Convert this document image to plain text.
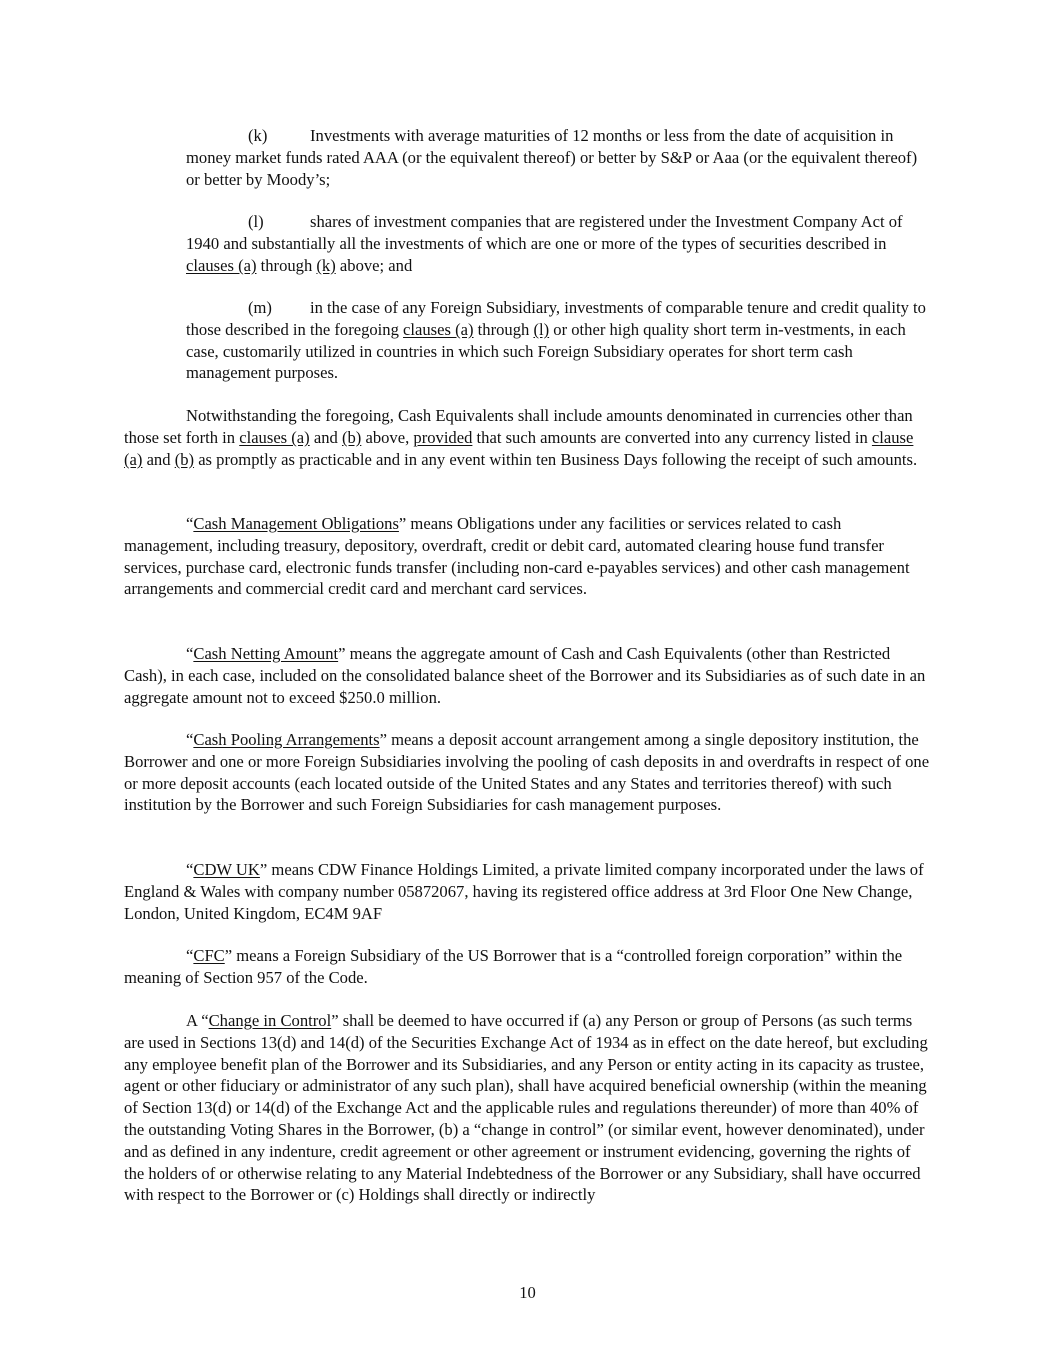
(k)	Investments with average maturities of 12 months or less from the date of acquisition in money market funds rated AAA (or the equivalent thereof) or better by S&P or Aaa (or the equivalent thereof) or better by Moody’s;

(l)	shares of investment companies that are registered under the Investment Company Act of 1940 and substantially all the investments of which are one or more of the types of securities described in clauses (a) through (k) above; and

(m) in the case of any Foreign Subsidiary, investments of comparable tenure and credit quality to those described in the foregoing clauses (a) through (l) or other high quality short term in-vestments, in each case, customarily utilized in countries in which such Foreign Subsidiary operates for short term cash management purposes.

Notwithstanding the foregoing, Cash Equivalents shall include amounts denominated in currencies other than those set forth in clauses (a) and (b) above, provided that such amounts are converted into any currency listed in clause (a) and (b) as promptly as practicable and in any event within ten Business Days following the receipt of such amounts.

“Cash Management Obligations” means Obligations under any facilities or services related to cash management, including treasury, depository, overdraft, credit or debit card, automated clearing house fund transfer services, purchase card, electronic funds transfer (including non-card e-payables services) and other cash management arrangements and commercial credit card and merchant card services.

“Cash Netting Amount” means the aggregate amount of Cash and Cash Equivalents (other than Restricted Cash), in each case, included on the consolidated balance sheet of the Borrower and its Subsidiaries as of such date in an aggregate amount not to exceed $250.0 million.

“Cash Pooling Arrangements” means a deposit account arrangement among a single depository institution, the Borrower and one or more Foreign Subsidiaries involving the pooling of cash deposits in and overdrafts in respect of one or more deposit accounts (each located outside of the United States and any States and territories thereof) with such institution by the Borrower and such Foreign Subsidiaries for cash management purposes.

“CDW UK” means CDW Finance Holdings Limited, a private limited company incorporated under the laws of England & Wales with company number 05872067, having its registered office address at 3rd Floor One New Change, London, United Kingdom, EC4M 9AF

“CFC” means a Foreign Subsidiary of the US Borrower that is a “controlled foreign corporation” within the meaning of Section 957 of the Code.

A “Change in Control” shall be deemed to have occurred if (a) any Person or group of Persons (as such terms are used in Sections 13(d) and 14(d) of the Securities Exchange Act of 1934 as in effect on the date hereof, but excluding any employee benefit plan of the Borrower and its Subsidiaries, and any Person or entity acting in its capacity as trustee, agent or other fiduciary or administrator of any such plan), shall have acquired beneficial ownership (within the meaning of Section 13(d) or 14(d) of the Exchange Act and the applicable rules and regulations thereunder) of more than 40% of the outstanding Voting Shares in the Borrower, (b) a “change in control” (or similar event, however denominated), under and as defined in any indenture, credit agreement or other agreement or instrument evidencing, governing the rights of the holders of or otherwise relating to any Material Indebtedness of the Borrower or any Subsidiary, shall have occurred with respect to the Borrower or (c) Holdings shall directly or indirectly

10
